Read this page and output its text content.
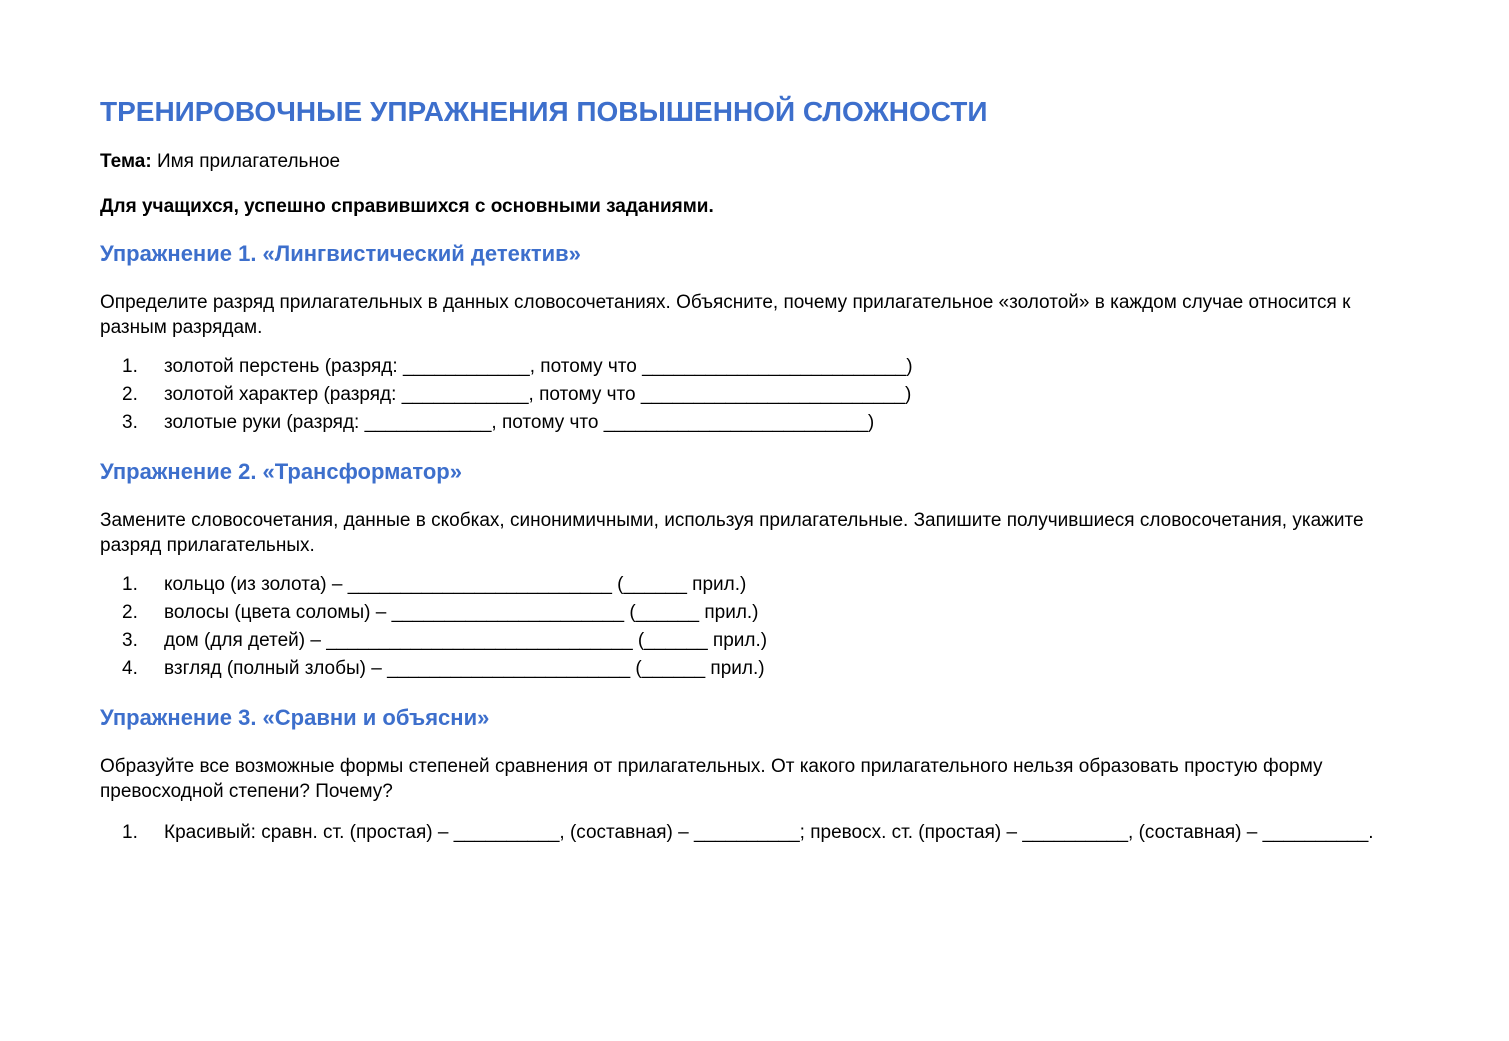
ТРЕНИРОВОЧНЫЕ УПРАЖНЕНИЯ ПОВЫШЕННОЙ СЛОЖНОСТИ
Тема: Имя прилагательное
Для учащихся, успешно справившихся с основными заданиями.
Упражнение 1. «Лингвистический детектив»
Определите разряд прилагательных в данных словосочетаниях. Объясните, почему прилагательное «золотой» в каждом случае относится к разным разрядам.
1. золотой перстень (разряд: ____________, потому что _________________________)
2. золотой характер (разряд: ____________, потому что _________________________)
3. золотые руки (разряд: ____________, потому что _________________________)
Упражнение 2. «Трансформатор»
Замените словосочетания, данные в скобках, синонимичными, используя прилагательные. Запишите получившиеся словосочетания, укажите разряд прилагательных.
1. кольцо (из золота) – _________________________ (______ прил.)
2. волосы (цвета соломы) – ______________________ (______ прил.)
3. дом (для детей) – _____________________________ (______ прил.)
4. взгляд (полный злобы) – _______________________ (______ прил.)
Упражнение 3. «Сравни и объясни»
Образуйте все возможные формы степеней сравнения от прилагательных. От какого прилагательного нельзя образовать простую форму превосходной степени? Почему?
1. Красивый: сравн. ст. (простая) – __________, (составная) – __________; превосх. ст. (простая) – __________, (составная) – __________.
